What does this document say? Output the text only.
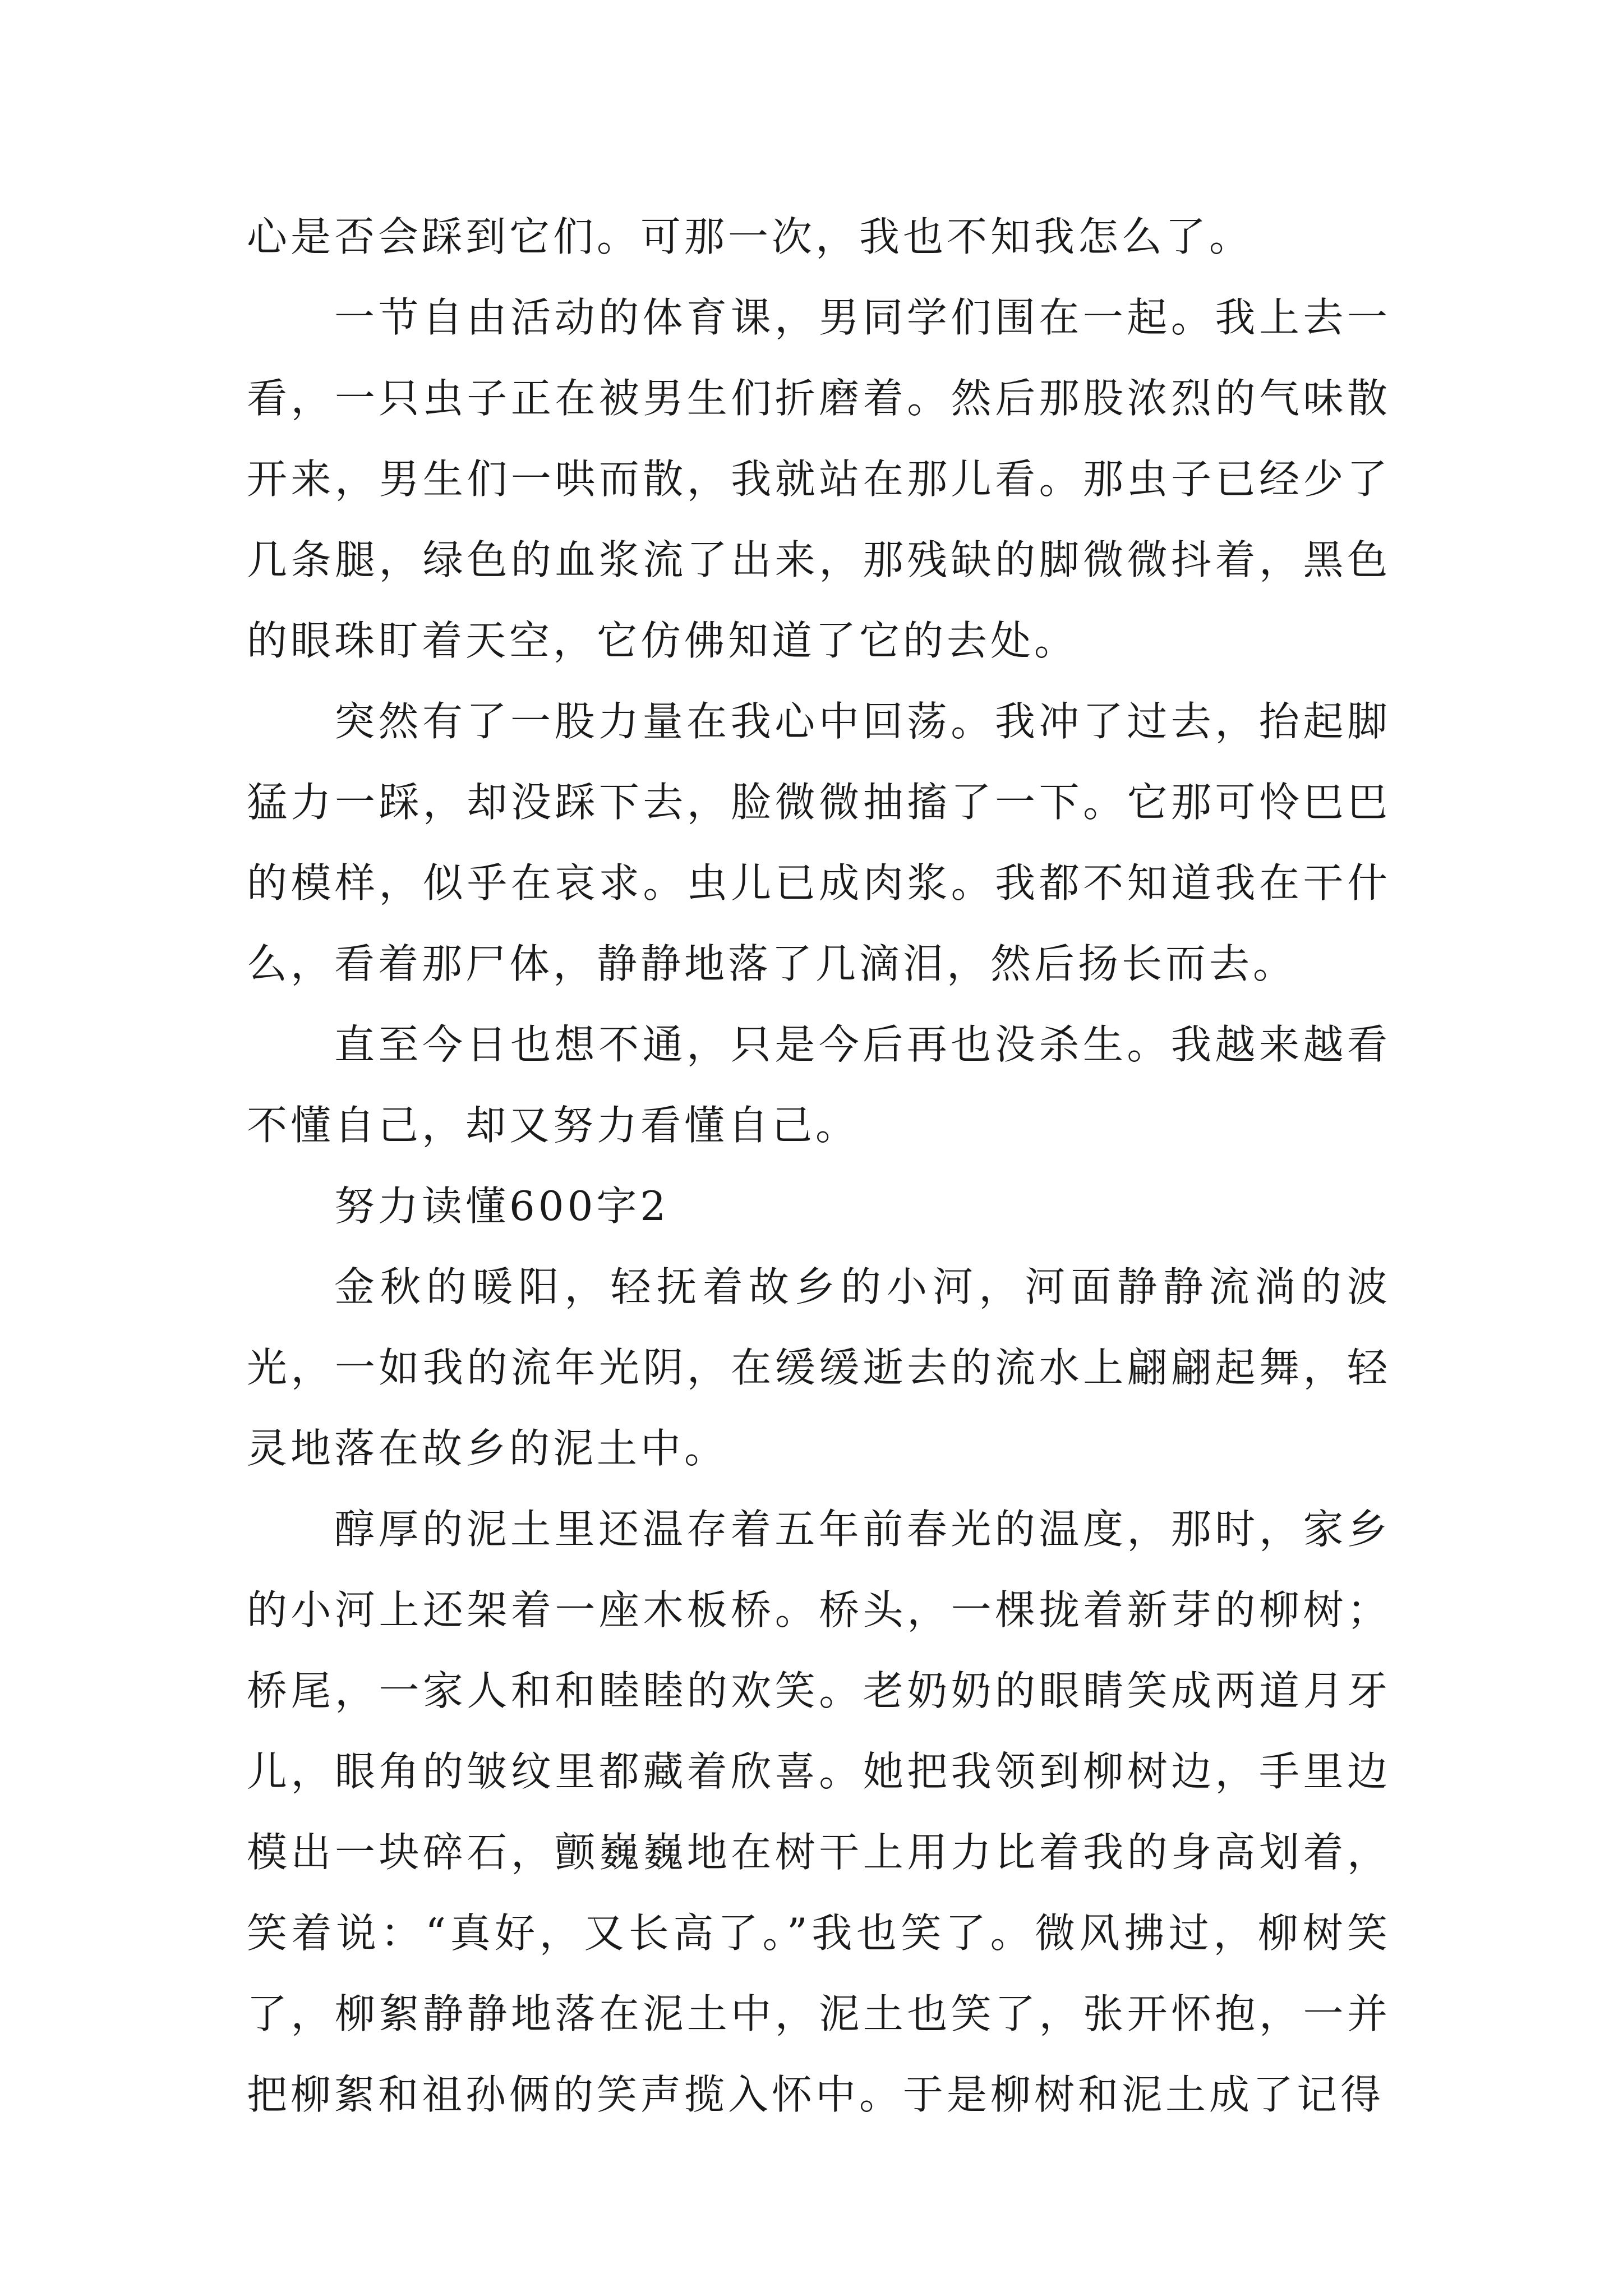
心是否会踩到它们。可那一次，我也不知我怎么了。

一节自由活动的体育课，男同学们围在一起。我上去一看，一只虫子正在被男生们折磨着。然后那股浓烈的气味散开来，男生们一哄而散，我就站在那儿看。那虫子已经少了几条腿，绿色的血浆流了出来，那残缺的脚微微抖着，黑色的眼珠盯着天空，它仿佛知道了它的去处。

突然有了一股力量在我心中回荡。我冲了过去，抬起脚猛力一踩，却没踩下去，脸微微抽搐了一下。它那可怜巴巴的模样，似乎在哀求。虫儿已成肉浆。我都不知道我在干什么，看着那尸体，静静地落了几滴泪，然后扬长而去。

直至今日也想不通，只是今后再也没杀生。我越来越看不懂自己，却又努力看懂自己。

努力读懂600字2

金秋的暖阳，轻抚着故乡的小河，河面静静流淌的波光，一如我的流年光阴，在缓缓逝去的流水上翩翩起舞，轻灵地落在故乡的泥土中。

醇厚的泥土里还温存着五年前春光的温度，那时，家乡的小河上还架着一座木板桥。桥头，一棵拢着新芽的柳树；桥尾，一家人和和睦睦的欢笑。老奶奶的眼睛笑成两道月牙儿，眼角的皱纹里都藏着欣喜。她把我领到柳树边，手里边模出一块碎石，颤巍巍地在树干上用力比着我的身高划着，笑着说：“真好，又长高了。”我也笑了。微风拂过，柳树笑了，柳絮静静地落在泥土中，泥土也笑了，张开怀抱，一并把柳絮和祖孙俩的笑声揽入怀中。于是柳树和泥土成了记得
